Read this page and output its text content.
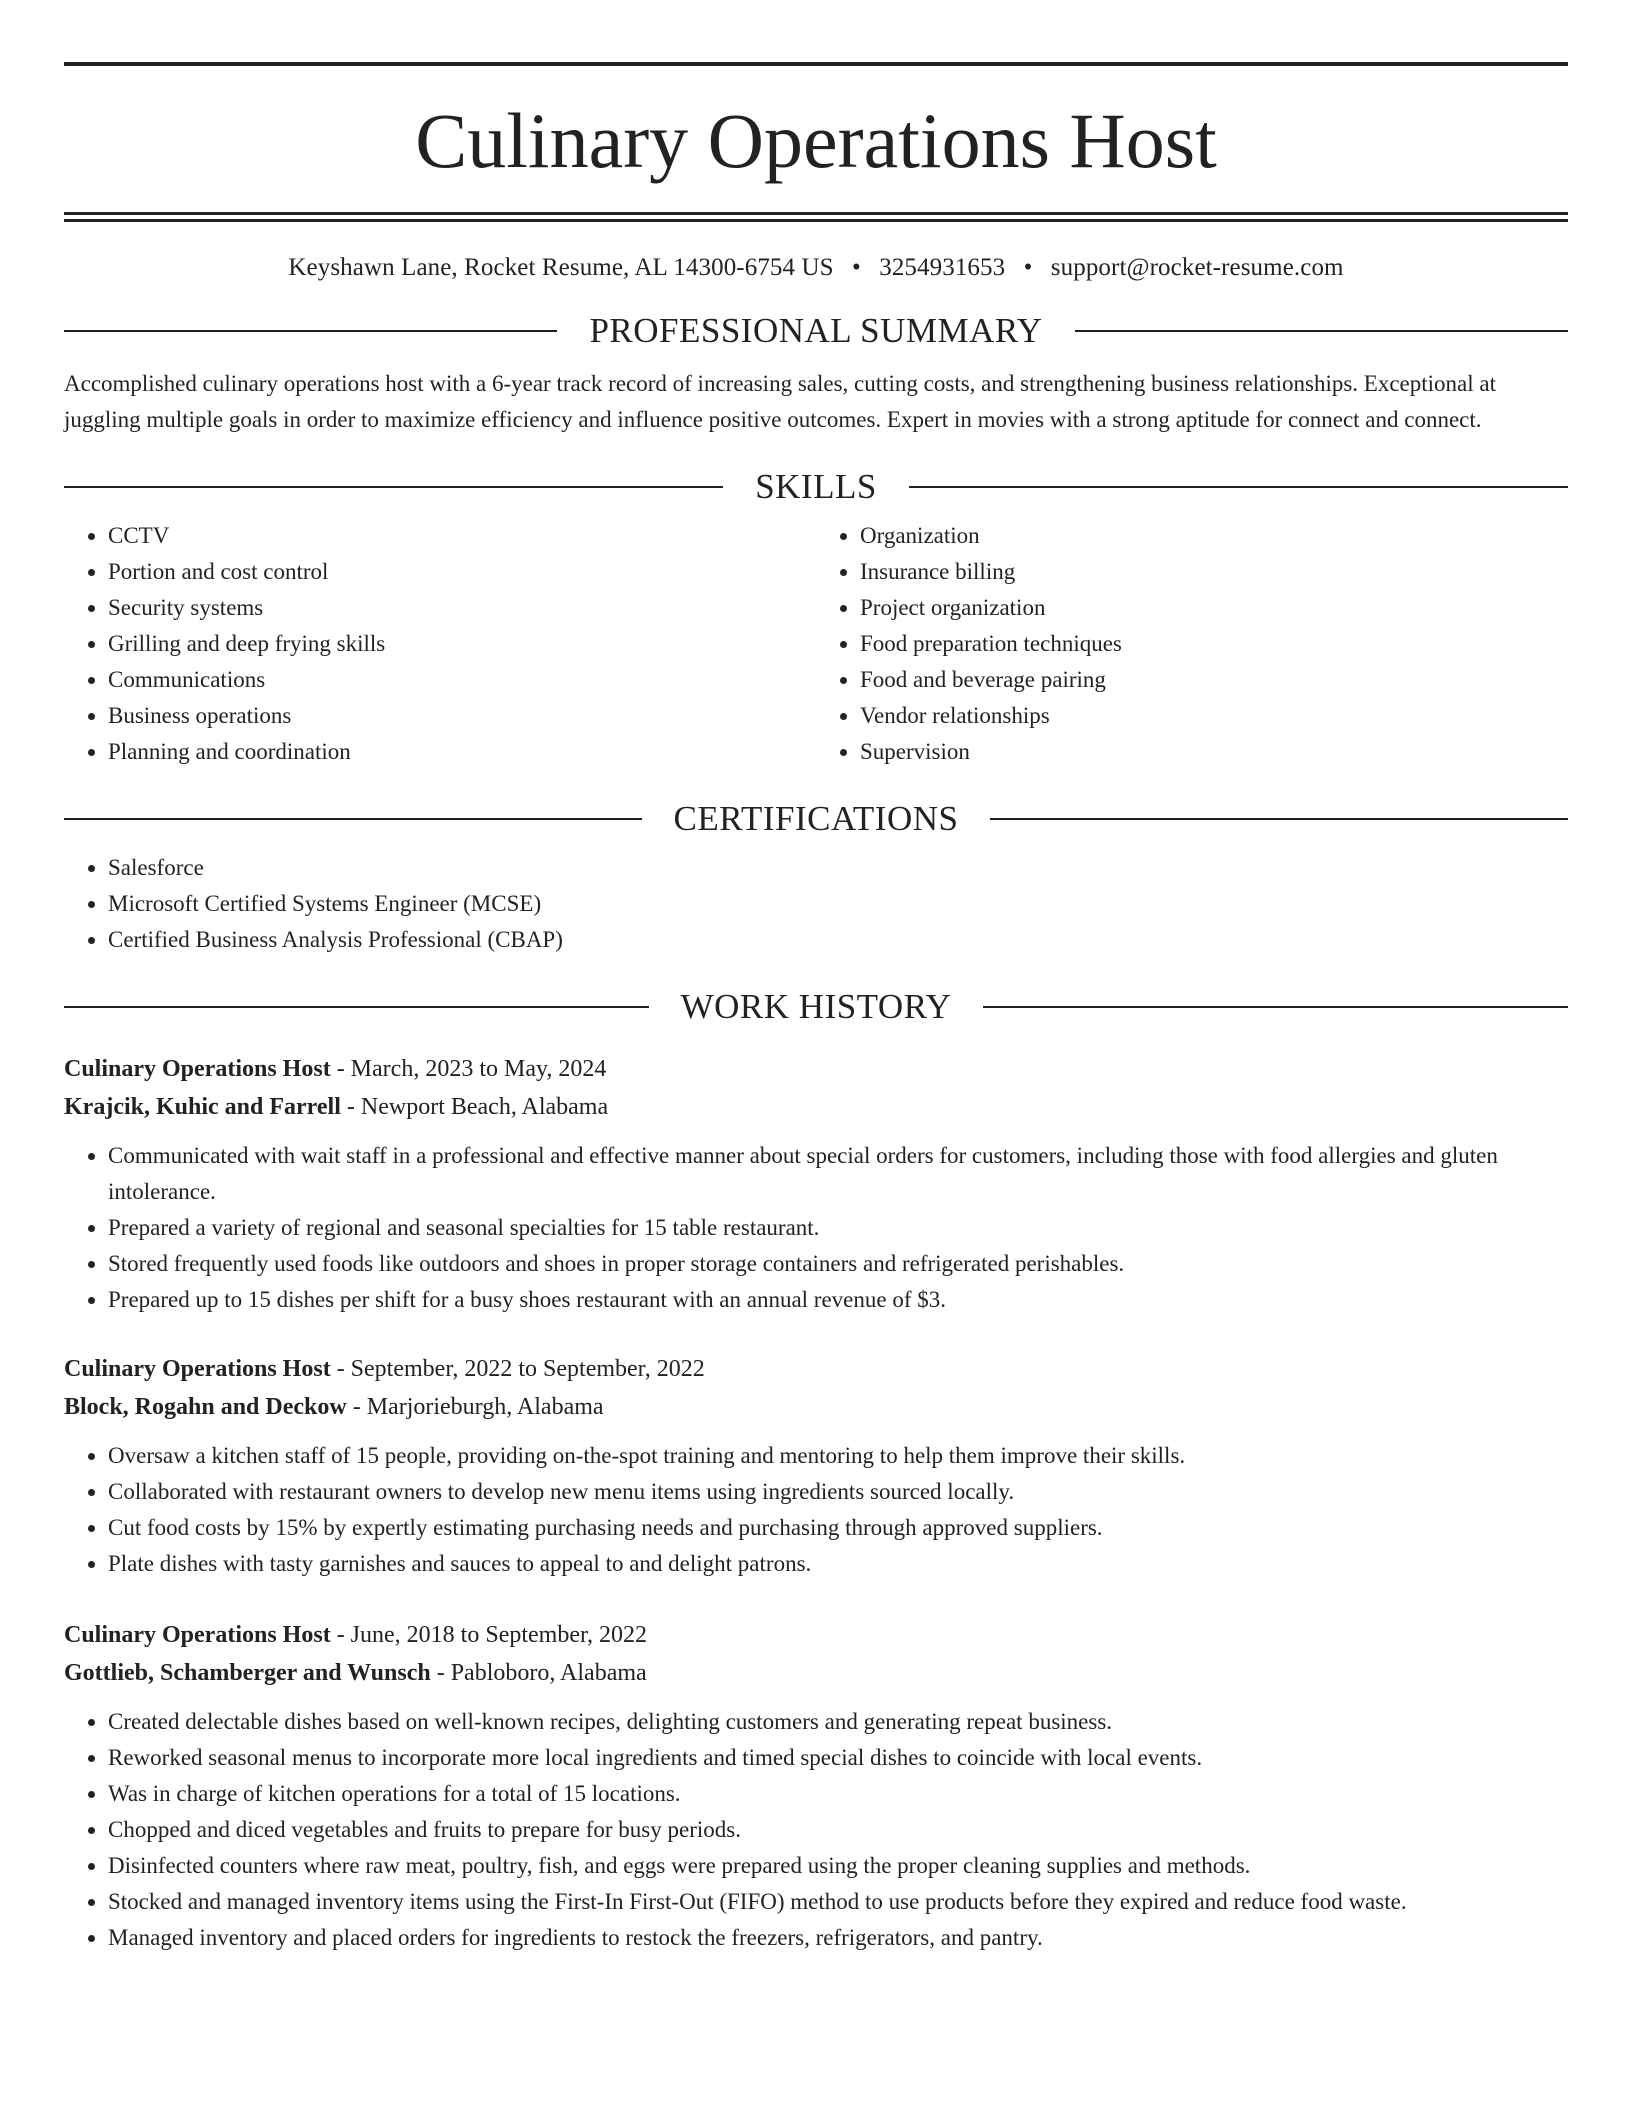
Culinary Operations Host
Keyshawn Lane, Rocket Resume, AL 14300-6754 US • 3254931653 • support@rocket-resume.com
PROFESSIONAL SUMMARY

Accomplished culinary operations host with a 6-year track record of increasing sales, cutting costs, and strengthening business relationships. Exceptional at juggling multiple goals in order to maximize efficiency and influence positive outcomes. Expert in movies with a strong aptitude for connect and connect.

SKILLS
• CCTV
• Portion and cost control
• Security systems
• Grilling and deep frying skills
• Communications
• Business operations
• Planning and coordination
• Organization
• Insurance billing
• Project organization
• Food preparation techniques
• Food and beverage pairing
• Vendor relationships
• Supervision
CERTIFICATIONS
• Salesforce
• Microsoft Certified Systems Engineer (MCSE)
• Certified Business Analysis Professional (CBAP)
WORK HISTORY
Culinary Operations Host - March, 2023 to May, 2024
Krajcik, Kuhic and Farrell - Newport Beach, Alabama
• Communicated with wait staff in a professional and effective manner about special orders for customers, including those with food allergies and gluten intolerance.
• Prepared a variety of regional and seasonal specialties for 15 table restaurant.
• Stored frequently used foods like outdoors and shoes in proper storage containers and refrigerated perishables.
• Prepared up to 15 dishes per shift for a busy shoes restaurant with an annual revenue of $3.
Culinary Operations Host - September, 2022 to September, 2022
Block, Rogahn and Deckow - Marjorieburgh, Alabama
• Oversaw a kitchen staff of 15 people, providing on-the-spot training and mentoring to help them improve their skills.
• Collaborated with restaurant owners to develop new menu items using ingredients sourced locally.
• Cut food costs by 15% by expertly estimating purchasing needs and purchasing through approved suppliers.
• Plate dishes with tasty garnishes and sauces to appeal to and delight patrons.
Culinary Operations Host - June, 2018 to September, 2022
Gottlieb, Schamberger and Wunsch - Pabloboro, Alabama
• Created delectable dishes based on well-known recipes, delighting customers and generating repeat business.
• Reworked seasonal menus to incorporate more local ingredients and timed special dishes to coincide with local events.
• Was in charge of kitchen operations for a total of 15 locations.
• Chopped and diced vegetables and fruits to prepare for busy periods.
• Disinfected counters where raw meat, poultry, fish, and eggs were prepared using the proper cleaning supplies and methods.
• Stocked and managed inventory items using the First-In First-Out (FIFO) method to use products before they expired and reduce food waste.
• Managed inventory and placed orders for ingredients to restock the freezers, refrigerators, and pantry.
